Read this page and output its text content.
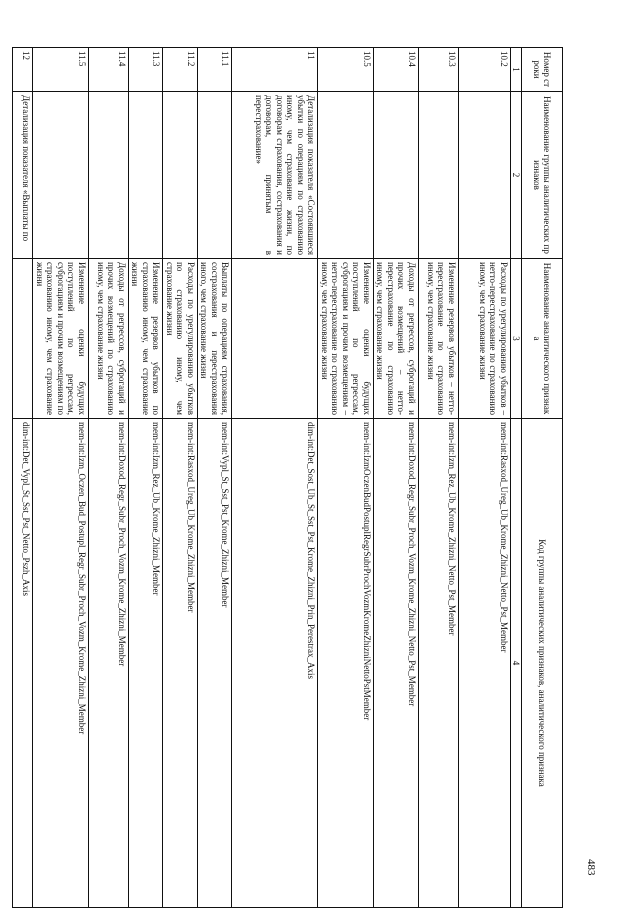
Номер строки	Наименование группы аналитических признаков	Наименование аналитического признака	Код группы аналитических признаков, аналитического признака
1	2	3	4
10.2		Расходы по урегулированию убытков – нетто-перестрахование по страхованию иному, чем страхование жизни	mem-int:Rasxod_Ureg_Ub_Krome_Zhizni_Netto_Pst_Member
10.3		Изменение резервов убытков – нетто-перестрахование по страхованию иному, чем страхование жизни	mem-int:Izm_Rez_Ub_Krome_Zhizni_Netto_Pst_Member
10.4		Доходы от регрессов, суброгаций и прочих возмещений – нетто-перестрахование по страхованию иному, чем страхование жизни	mem-int:Doxod_Regr_Subr_Proch_Vozm_Krome_Zhizni_Netto_Pst_Member
10.5		Изменение оценки будущих поступлений по регрессам, суброгациям и прочим возмещениям – нетто-перестрахование по страхованию иному, чем страхование жизни	mem-int:IzmOczenBudPostuplRegrSubrProchVozmKromeZhizniNettoPstMember
11	Детализация показателя «Состоявшиеся убытки по операциям по страхованию иному, чем страхование жизни, по договорам страхования, сострахования и договорам, принятым в перестрахование»		dim-int:Det_Sost_Ub_St_Sst_Pst_Krome_Zhizni_Prin_Perestrax_Axis
11.1		Выплаты по операциям страхования, сострахования и перестрахования иного, чем страхование жизни	mem-int:Vypl_St_Sst_Pst_Krome_Zhizni_Member
11.2		Расходы по урегулированию убытков по страхованию иному, чем страхование жизни	mem-int:Rasxod_Ureg_Ub_Krome_Zhizni_Member
11.3		Изменение резервов убытков по страхованию иному, чем страхование жизни	mem-int:Izm_Rez_Ub_Krome_Zhizni_Member
11.4		Доходы от регрессов, суброгаций и прочих возмещений по страхованию иному, чем страхование жизни	mem-int:Doxod_Regr_Subr_Proch_Vozm_Krome_Zhizni_Member
11.5		Изменение оценки будущих поступлений по регрессам, суброгациям и прочим возмещениям по страхованию иному, чем страхование жизни	mem-int:Izm_Oczen_Bud_Postupl_Regr_Subr_Proch_Vozm_Krome_Zhizni_Member
12	Детализация показателя «Выплаты по		dim-int:Det_Vypl_St_Sst_Pst_Netto_Pszh_Axis
483
